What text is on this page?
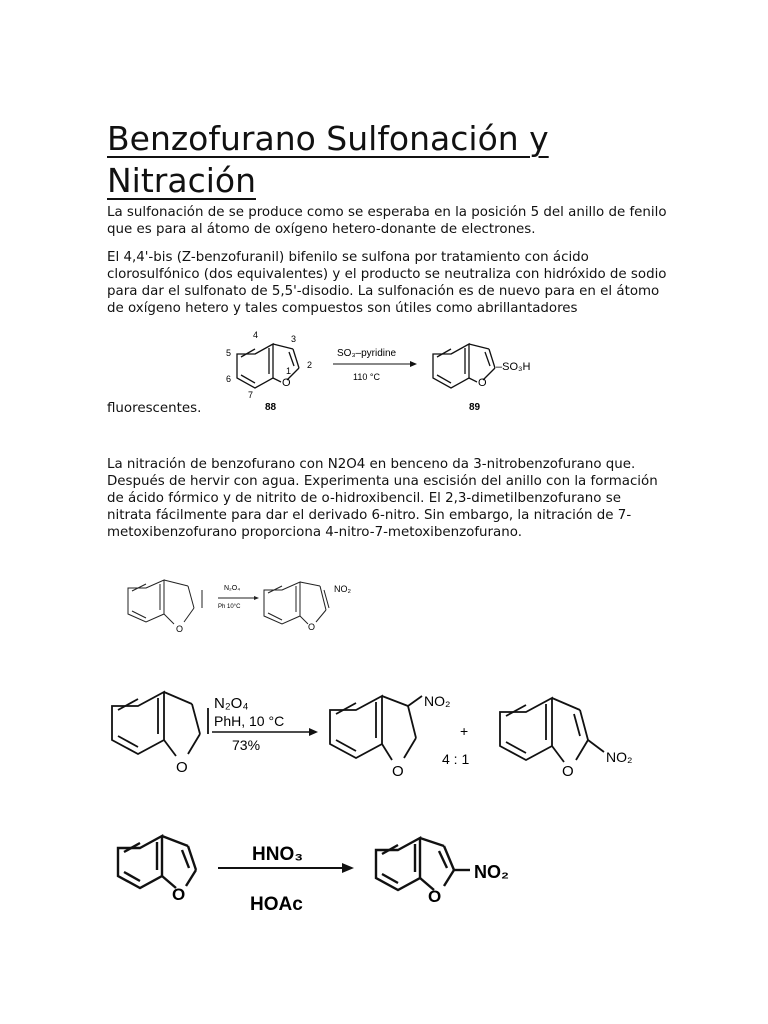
Benzofurano Sulfonación y Nitración

La sulfonación de se produce como se esperaba en la posición 5 del anillo de fenilo que es para al átomo de oxígeno hetero-donante de electrones.

El 4,4'-bis (Z-benzofuranil) bifenilo se sulfona por tratamiento con ácido clorosulfónico (dos equivalentes) y el producto se neutraliza con hidróxido de sodio para dar el sulfonato de 5,5'-disodio. La sulfonación es de nuevo para en el átomo de oxígeno hetero y tales compuestos son útiles como abrillantadores

O
4	3
2
5
6
1
7
88
SO₃–pyridine
110 °C	O
–SO₃H
89

fluorescentes.

La nitración de benzofurano con N2O4 en benceno da 3-nitrobenzofurano que. Después de hervir con agua. Experimenta una escisión del anillo con la formación de ácido fórmico y de nitrito de o-hidroxibencil. El 2,3-dimetilbenzofurano se nitrata fácilmente para dar el derivado 6-nitro. Sin embargo, la nitración de 7-metoxibenzofurano proporciona 4-nitro-7-metoxibenzofurano.

O
N₂O₄
Ph 10°C
O
NO₂
O
N₂O₄
PhH, 10 °C
73%
O
NO₂
+
4 : 1
O
NO₂
O
HNO₃
HOAc	O
NO₂
